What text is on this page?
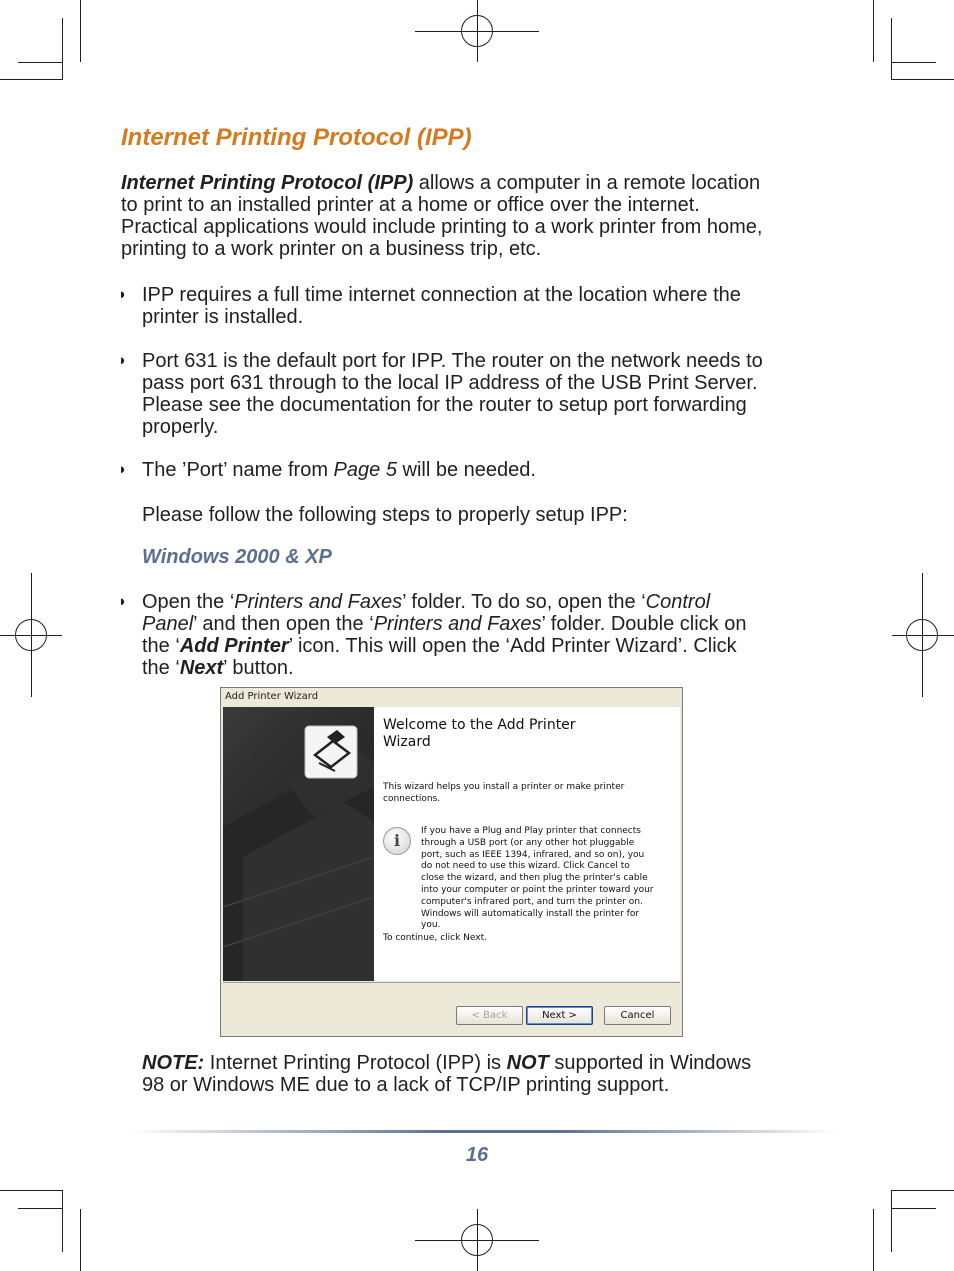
Internet Printing Protocol (IPP)

Internet Printing Protocol (IPP) allows a computer in a remote location
to print to an installed printer at a home or office over the internet.
Practical applications would include printing to a work printer from home,
printing to a work printer on a business trip, etc.

◗ IPP requires a full time internet connection at the location where the
printer is installed.

◗ Port 631 is the default port for IPP. The router on the network needs to
pass port 631 through to the local IP address of the USB Print Server.
Please see the documentation for the router to setup port forwarding
properly.

◗ The ’Port’ name from Page 5 will be needed.

Please follow the following steps to properly setup IPP:

Windows 2000 & XP
◗ Open the ‘Printers and Faxes’ folder. To do so, open the ‘Control
Panel’ and then open the ‘Printers and Faxes’ folder. Double click on
the ‘Add Printer’ icon. This will open the ‘Add Printer Wizard’. Click
the ‘Next’ button.

Add Printer Wizard

Welcome to the Add Printer
Wizard

This wizard helps you install a printer or make printer
connections.

i	If you have a Plug and Play printer that connects
through a USB port (or any other hot pluggable
port, such as IEEE 1394, infrared, and so on), you
do not need to use this wizard. Click Cancel to
close the wizard, and then plug the printer's cable
into your computer or point the printer toward your
computer's infrared port, and turn the printer on.
Windows will automatically install the printer for you.

To continue, click Next.

< Back	Next >	Cancel

NOTE: Internet Printing Protocol (IPP) is NOT supported in Windows
98 or Windows ME due to a lack of TCP/IP printing support.

16
